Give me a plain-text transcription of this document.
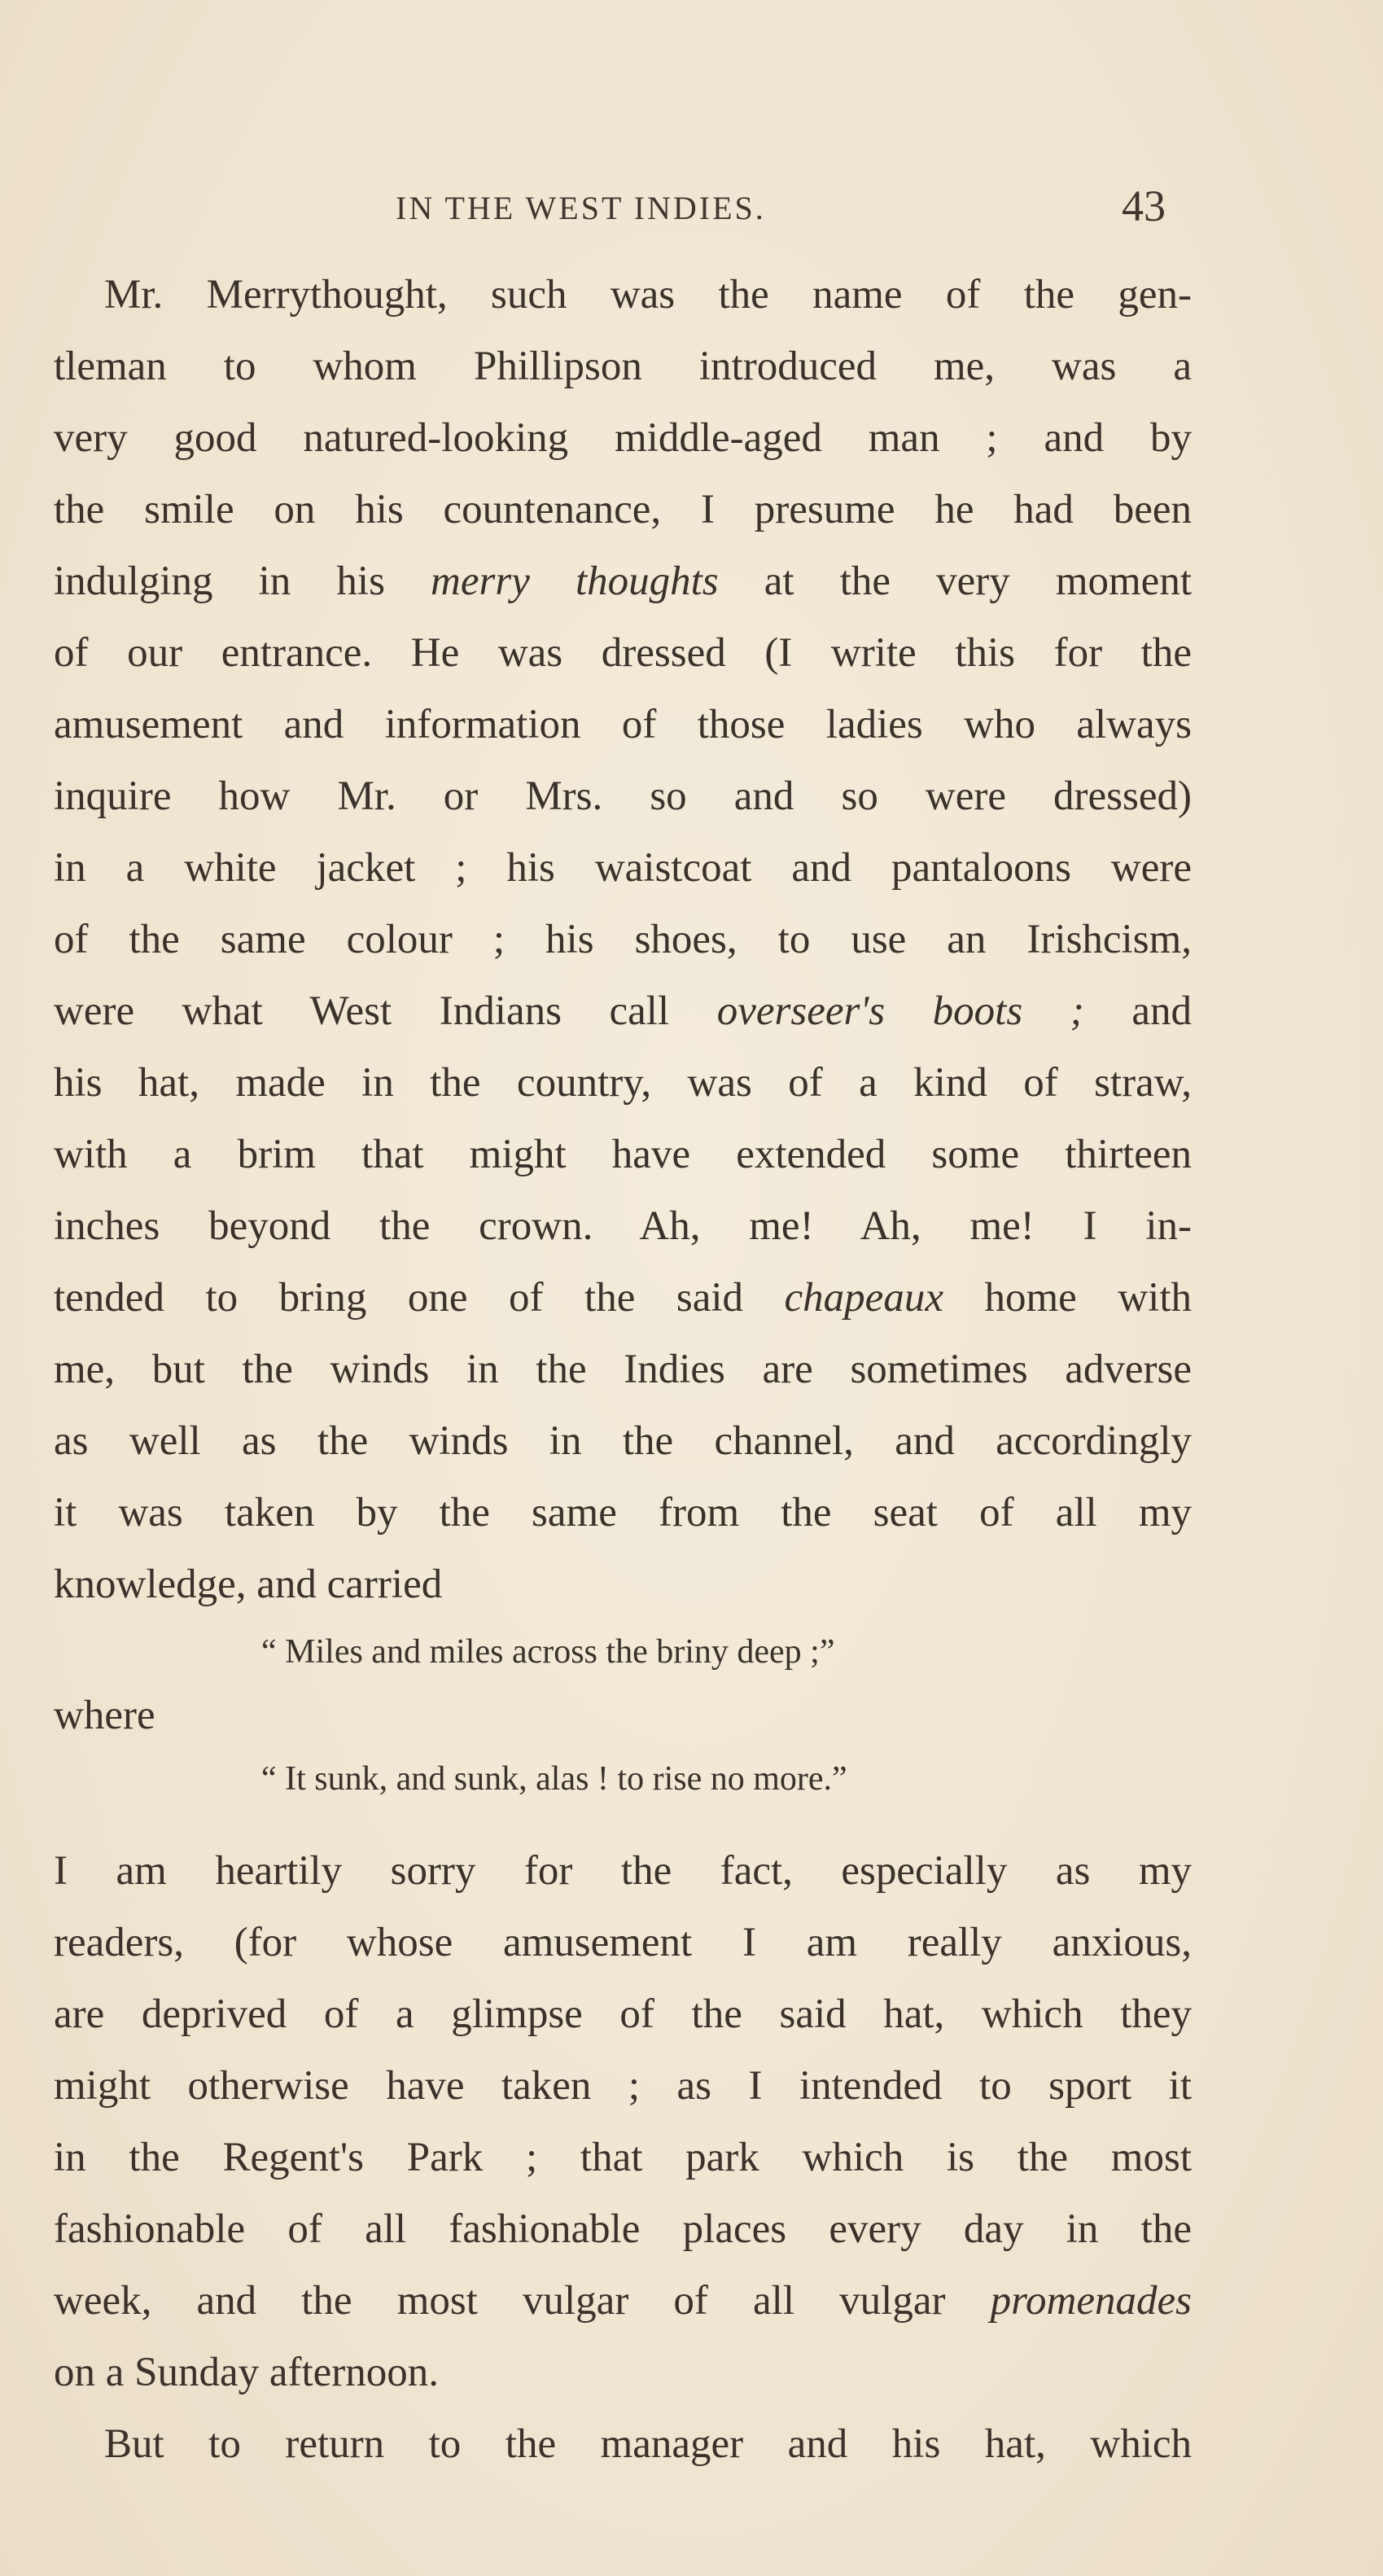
IN THE WEST INDIES.	43
Mr. Merrythought, such was the name of the gen-
tleman to whom Phillipson introduced me, was a
very good natured-looking middle-aged man ; and by
the smile on his countenance, I presume he had been
indulging in his merry thoughts at the very moment
of our entrance. He was dressed (I write this for the
amusement and information of those ladies who always
inquire how Mr. or Mrs. so and so were dressed)
in a white jacket ; his waistcoat and pantaloons were
of the same colour ; his shoes, to use an Irishcism,
were what West Indians call overseer's boots ; and
his hat, made in the country, was of a kind of straw,
with a brim that might have extended some thirteen
inches beyond the crown. Ah, me! Ah, me! I in-
tended to bring one of the said chapeaux home with
me, but the winds in the Indies are sometimes adverse
as well as the winds in the channel, and accordingly
it was taken by the same from the seat of all my
knowledge, and carried
“ Miles and miles across the briny deep ;”
where
“ It sunk, and sunk, alas ! to rise no more.”
I am heartily sorry for the fact, especially as my
readers, (for whose amusement I am really anxious,
are deprived of a glimpse of the said hat, which they
might otherwise have taken ; as I intended to sport it
in the Regent's Park ; that park which is the most
fashionable of all fashionable places every day in the
week, and the most vulgar of all vulgar promenades
on a Sunday afternoon.
But to return to the manager and his hat, which
